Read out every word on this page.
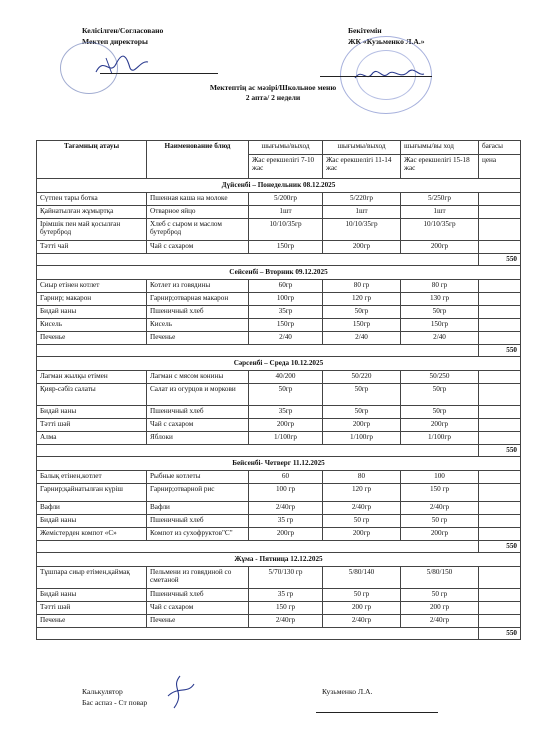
Келісілген/Согласовано
Мектеп директоры
Бекітемін
ЖК «Кузьменко Л.А.»
Мектептің ас мәзірі/Школьное меню
2 апта/ 2 недели
Тағамның атауы	Наименование блюд	шығымы/выход	шығымы/выход	шығымы/вы ход	бағасы
		Жас ерекшелігі 7-10 жас	Жас ерекшелігі 11-14 жас	Жас ерекшелігі 15-18 жас	цена
Дүйсенбі – Понедельник 08.12.2025					
Сүтпен тары ботка	Пшенная каша на молоке	5/200гр	5/220гр	5/250гр	
Қайнатылған жұмыртқа	Отварное яйцо	1шт	1шт	1шт	
Ірімшік пен май қосылған бутерброд	Хлеб с сыром и маслом бутерброд	10/10/35гр	10/10/35гр	10/10/35гр	
Тәтті чай	Чай с сахаром	150гр	200гр	200гр	
					550
Сейсенбі – Вторник 09.12.2025					
Сиыр етінен котлет	Котлет из говядины	60гр	80 гр	80 гр	
Гарнир; макарон	Гарнир;отварная макарон	100гр	120 гр	130 гр	
Бидай наны	Пшеничный хлеб	35гр	50гр	50гр	
Кисель	Кисель	150гр	150гр	150гр	
Печенье	Печенье	2/40	2/40	2/40	
					550
Сәрсенбі – Среда 10.12.2025					
Лагман жылқы етімен	Лагман с мясом конины	40/200	50/220	50/250	
Қияр-сәбіз салаты	Салат из огурцов и моркови	50гр	50гр	50гр	
Бидай наны	Пшеничный хлеб	35гр	50гр	50гр	
Тәтті шәй	Чай с сахаром	200гр	200гр	200гр	
Алма	Яблоки	1/100гр	1/100гр	1/100гр	
					550
Бейсенбі- Четверг 11.12.2025					
Балық етінен,котлет	Рыбные котлеты	60	80	100	
Гарнир;қайнатылған күріш	Гарнир;отварной рис	100 гр	120 гр	150 гр	
Вафли	Вафли	2/40гр	2/40гр	2/40гр	
Бидай наны	Пшеничный хлеб	35 гр	50 гр	50 гр	
Жемістерден компот «С»	Компот из сухофруктов"С"	200гр	200гр	200гр	
					550
Жұма - Пятница 12.12.2025					
Тұшпара сиыр етімен,қаймақ	Пельмени из говядиной со сметаной	5/70/130 гр	5/80/140	5/80/150	
Бидай наны	Пшеничный хлеб	35 гр	50 гр	50 гр	
Тәтті шәй	Чай с сахаром	150 гр	200 гр	200 гр	
Печенье	Печенье	2/40гр	2/40гр	2/40гр	
					550
Калькулятор
Бас аспаз - Ст повар
Кузьменко Л.А.
